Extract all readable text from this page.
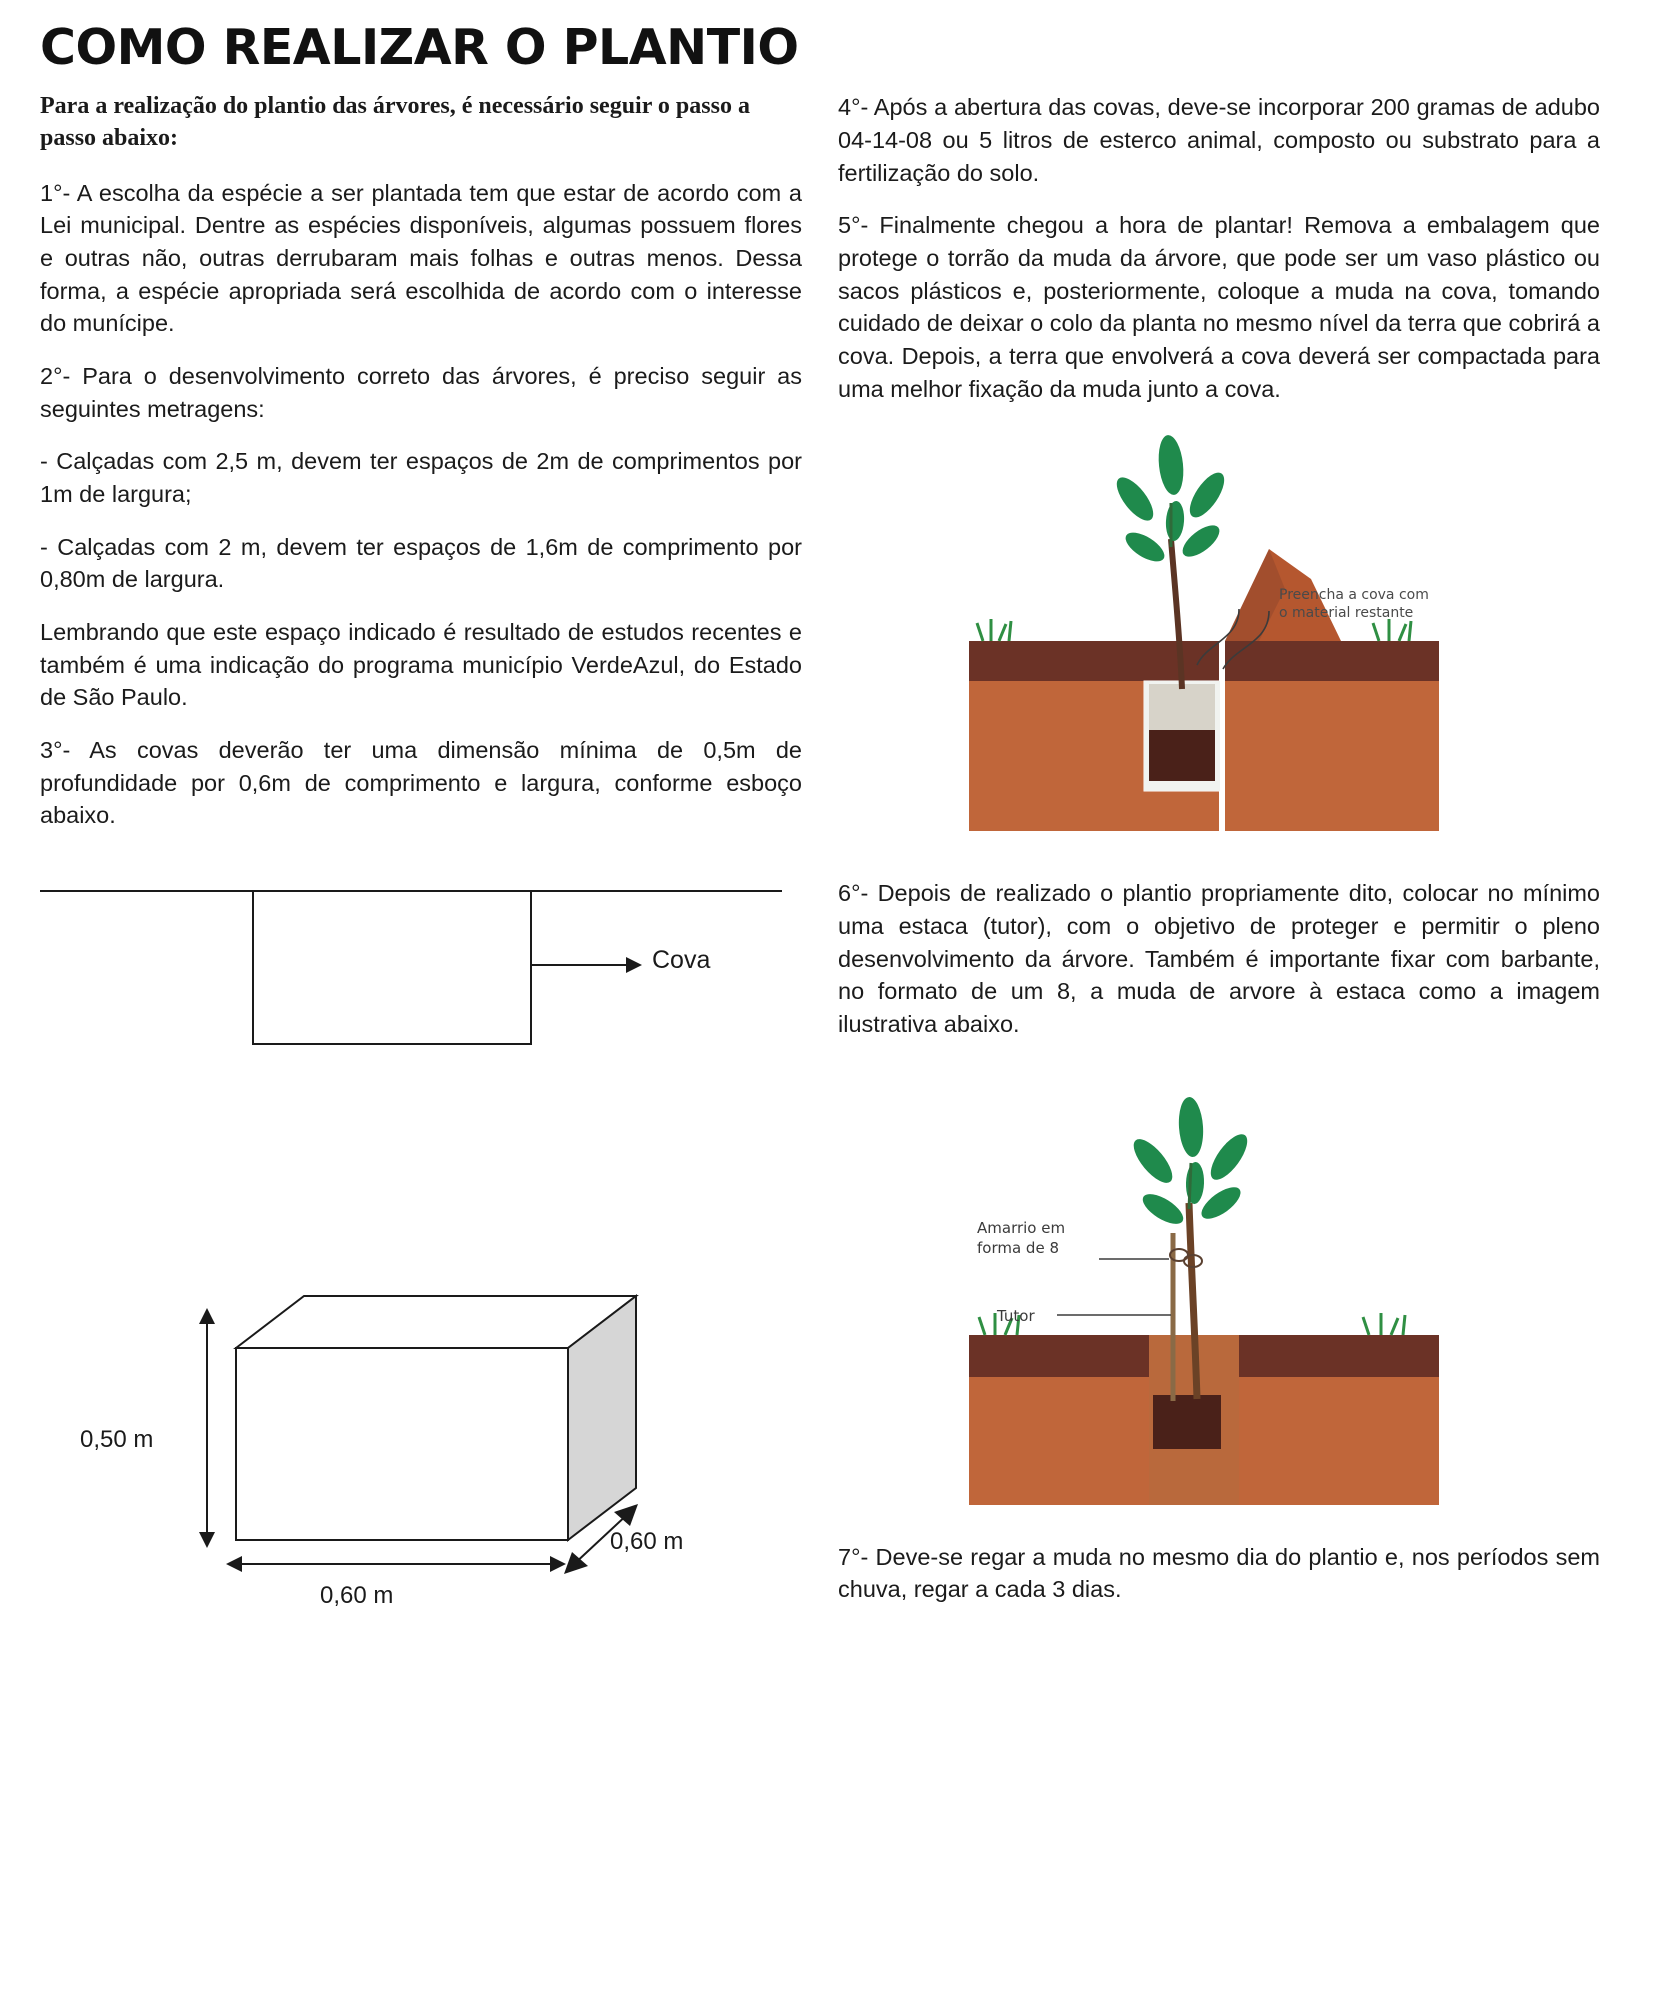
COMO REALIZAR O PLANTIO

Para a realização do plantio das árvores, é necessário seguir o passo a passo abaixo:

1°- A escolha da espécie a ser plantada tem que estar de acordo com a Lei municipal. Dentre as espécies disponíveis, algumas possuem flores e outras não, outras derrubaram mais folhas e outras menos. Dessa forma, a espécie apropriada será escolhida de acordo com o interesse do munícipe.

2°- Para o desenvolvimento correto das árvores, é preciso seguir as seguintes metragens:

- Calçadas com 2,5 m, devem ter espaços de 2m de comprimentos por 1m de largura;

- Calçadas com 2 m, devem ter espaços de 1,6m de comprimento por 0,80m de largura.

Lembrando que este espaço indicado é resultado de estudos recentes e também é uma indicação do programa município VerdeAzul, do Estado de São Paulo.

3°- As covas deverão ter uma dimensão mínima de 0,5m de profundidade por 0,6m de comprimento e largura, conforme esboço abaixo.

Cova
0,50 m
0,60 m
0,60 m

4°- Após a abertura das covas, deve-se incorporar 200 gramas de adubo 04-14-08 ou 5 litros de esterco animal, composto ou substrato para a fertilização do solo.

5°- Finalmente chegou a hora de plantar! Remova a embalagem que protege o torrão da muda da árvore, que pode ser um vaso plástico ou sacos plásticos e, posteriormente, coloque a muda na cova, tomando cuidado de deixar o colo da planta no mesmo nível da terra que cobrirá a cova. Depois, a terra que envolverá a cova deverá ser compactada para uma melhor fixação da muda junto a cova.

Preencha a cova com
o material restante

6°- Depois de realizado o plantio propriamente dito, colocar no mínimo uma estaca (tutor), com o objetivo de proteger e permitir o pleno desenvolvimento da árvore. Também é importante fixar com barbante, no formato de um 8, a muda de arvore à estaca como a imagem ilustrativa abaixo.

Amarrio em
forma de 8
Tutor

7°- Deve-se regar a muda no mesmo dia do plantio e, nos períodos sem chuva, regar a cada 3 dias.
